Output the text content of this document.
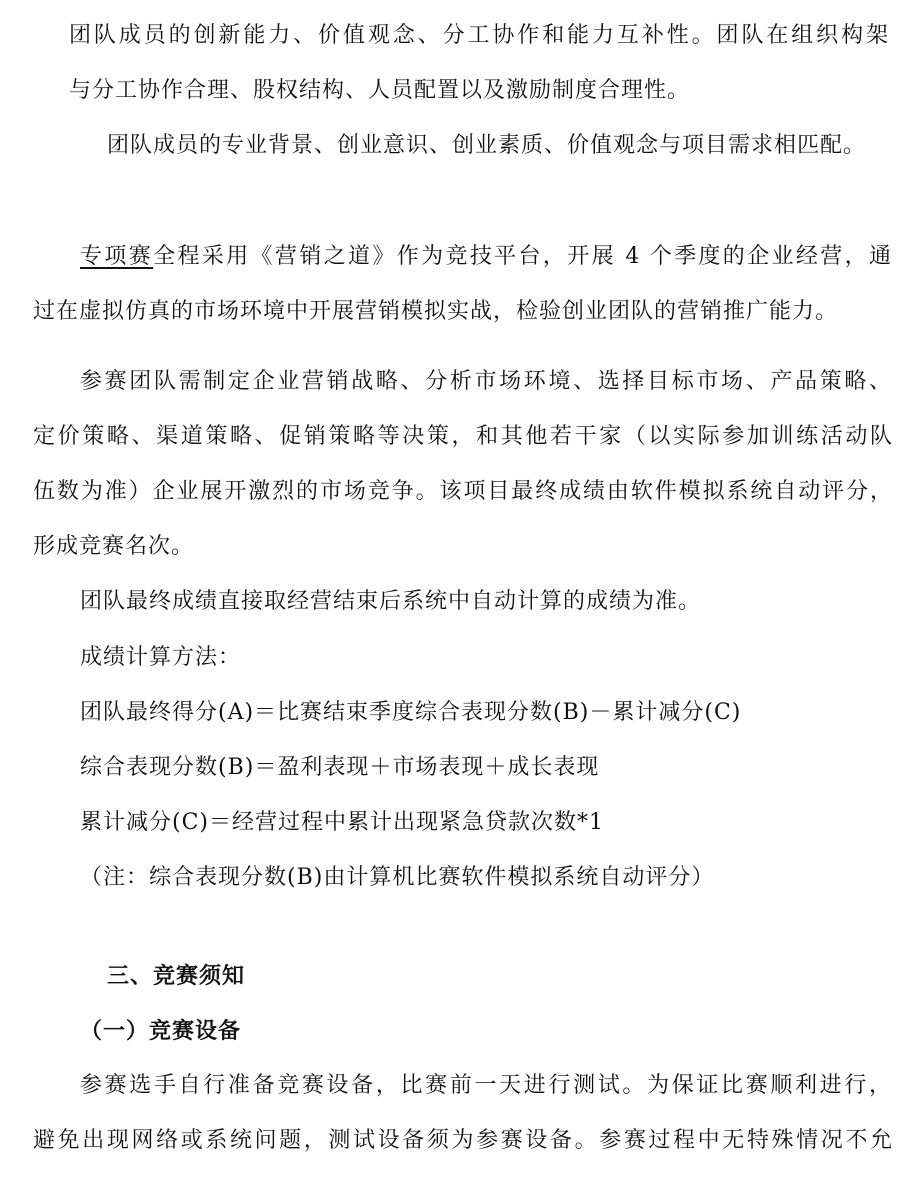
团队成员的创新能力、价值观念、分工协作和能力互补性。团队在组织构架
与分工协作合理、股权结构、人员配置以及激励制度合理性。
团队成员的专业背景、创业意识、创业素质、价值观念与项目需求相匹配。
专项赛全程采用《营销之道》作为竞技平台，开展 4 个季度的企业经营，通
过在虚拟仿真的市场环境中开展营销模拟实战，检验创业团队的营销推广能力。
参赛团队需制定企业营销战略、分析市场环境、选择目标市场、产品策略、
定价策略、渠道策略、促销策略等决策，和其他若干家（以实际参加训练活动队
伍数为准）企业展开激烈的市场竞争。该项目最终成绩由软件模拟系统自动评分，
形成竞赛名次。
团队最终成绩直接取经营结束后系统中自动计算的成绩为准。
成绩计算方法：
团队最终得分(A)＝比赛结束季度综合表现分数(B)－累计减分(C)
综合表现分数(B)＝盈利表现＋市场表现＋成长表现
累计减分(C)＝经营过程中累计出现紧急贷款次数*1
（注：综合表现分数(B)由计算机比赛软件模拟系统自动评分）
三、竞赛须知
（一）竞赛设备
参赛选手自行准备竞赛设备，比赛前一天进行测试。为保证比赛顺利进行，
避免出现网络或系统问题，测试设备须为参赛设备。参赛过程中无特殊情况不允
